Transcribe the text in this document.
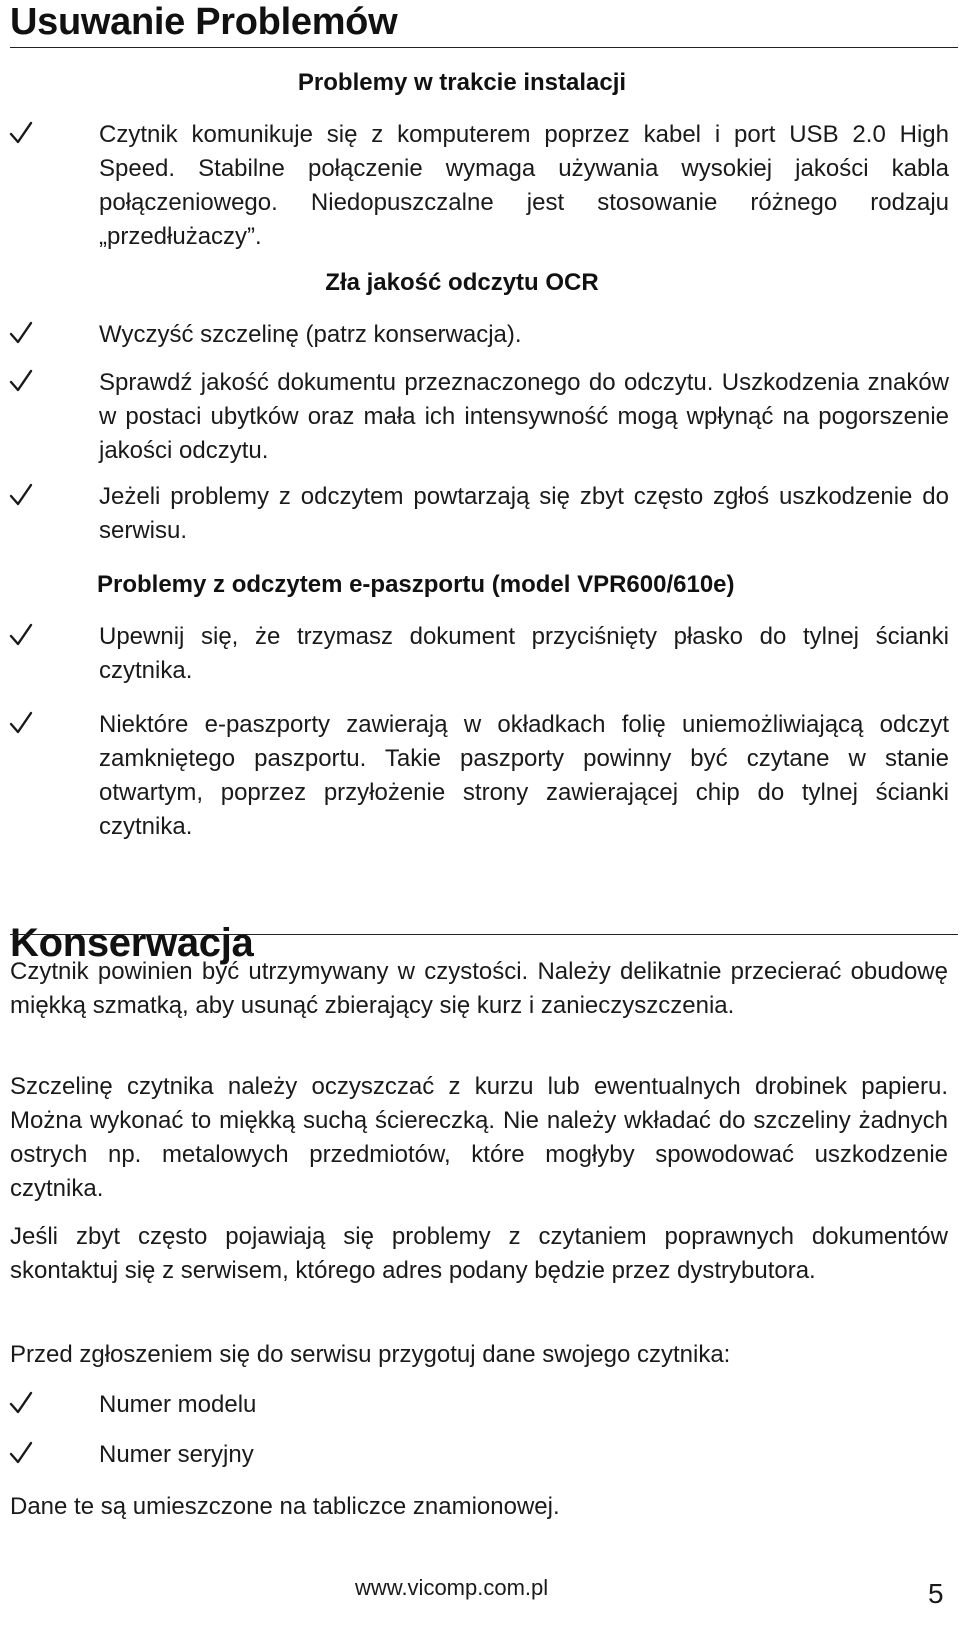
Usuwanie Problemów
Problemy w trakcie instalacji

Czytnik komunikuje się z komputerem poprzez kabel i port USB 2.0 High Speed. Stabilne połączenie wymaga używania wysokiej jakości kabla połączeniowego. Niedopuszczalne jest stosowanie różnego rodzaju „przedłużaczy”.

Zła jakość odczytu OCR

Wyczyść szczelinę (patrz konserwacja).

Sprawdź jakość dokumentu przeznaczonego do odczytu. Uszkodzenia znaków w postaci ubytków oraz mała ich intensywność mogą wpłynąć na pogorszenie jakości odczytu.

Jeżeli problemy z odczytem powtarzają się zbyt często zgłoś uszkodzenie do serwisu.

Problemy z odczytem e-paszportu (model VPR600/610e)

Upewnij się, że trzymasz dokument przyciśnięty płasko do tylnej ścianki czytnika.

Niektóre e-paszporty zawierają w okładkach folię uniemożliwiającą odczyt zamkniętego paszportu. Takie paszporty powinny być czytane w stanie otwartym, poprzez przyłożenie strony zawierającej chip do tylnej ścianki czytnika.

Konserwacja

Czytnik powinien być utrzymywany w czystości. Należy delikatnie przecierać obudowę miękką szmatką, aby usunąć zbierający się kurz i zanieczyszczenia.

Szczelinę czytnika należy oczyszczać z kurzu lub ewentualnych drobinek papieru. Można wykonać to miękką suchą ściereczką. Nie należy wkładać do szczeliny żadnych ostrych np. metalowych przedmiotów, które mogłyby spowodować uszkodzenie czytnika.

Jeśli zbyt często pojawiają się problemy z czytaniem poprawnych dokumentów skontaktuj się z serwisem, którego adres podany będzie przez dystrybutora.

Przed zgłoszeniem się do serwisu przygotuj dane swojego czytnika:

Numer modelu

Numer seryjny

Dane te są umieszczone na tabliczce znamionowej.

www.vicomp.com.pl	5
